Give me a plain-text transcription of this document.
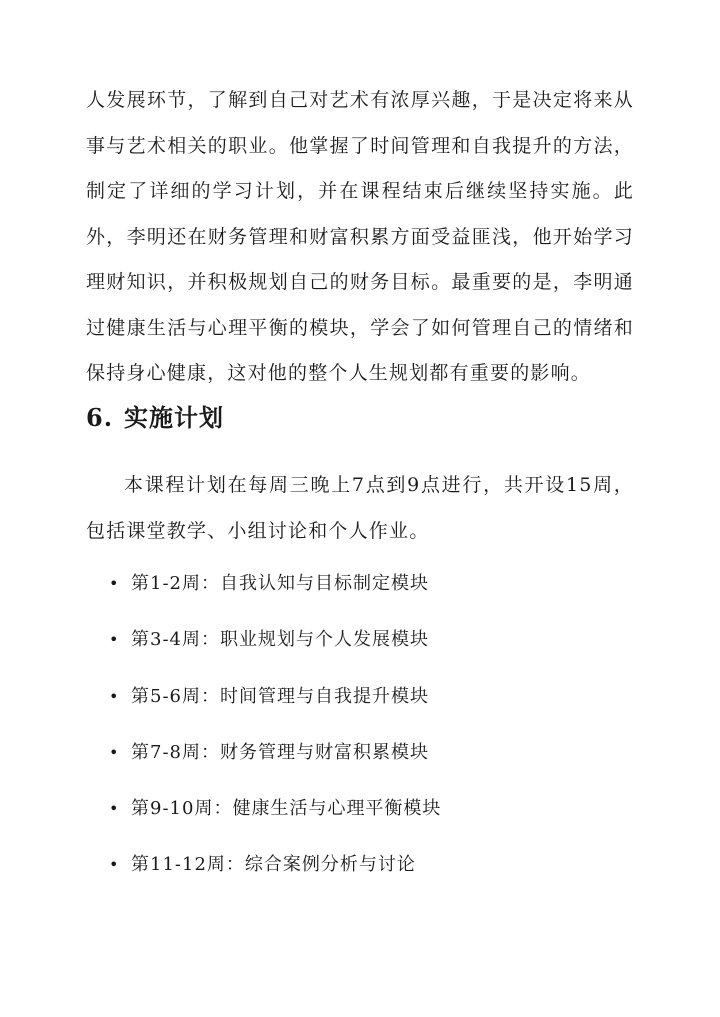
人发展环节，了解到自己对艺术有浓厚兴趣，于是决定将来从事与艺术相关的职业。他掌握了时间管理和自我提升的方法，制定了详细的学习计划，并在课程结束后继续坚持实施。此外，李明还在财务管理和财富积累方面受益匪浅，他开始学习理财知识，并积极规划自己的财务目标。最重要的是，李明通过健康生活与心理平衡的模块，学会了如何管理自己的情绪和保持身心健康，这对他的整个人生规划都有重要的影响。

6. 实施计划

本课程计划在每周三晚上7点到9点进行，共开设15周，包括课堂教学、小组讨论和个人作业。

• 第1-2周：自我认知与目标制定模块
• 第3-4周：职业规划与个人发展模块
• 第5-6周：时间管理与自我提升模块
• 第7-8周：财务管理与财富积累模块
• 第9-10周：健康生活与心理平衡模块
• 第11-12周：综合案例分析与讨论
